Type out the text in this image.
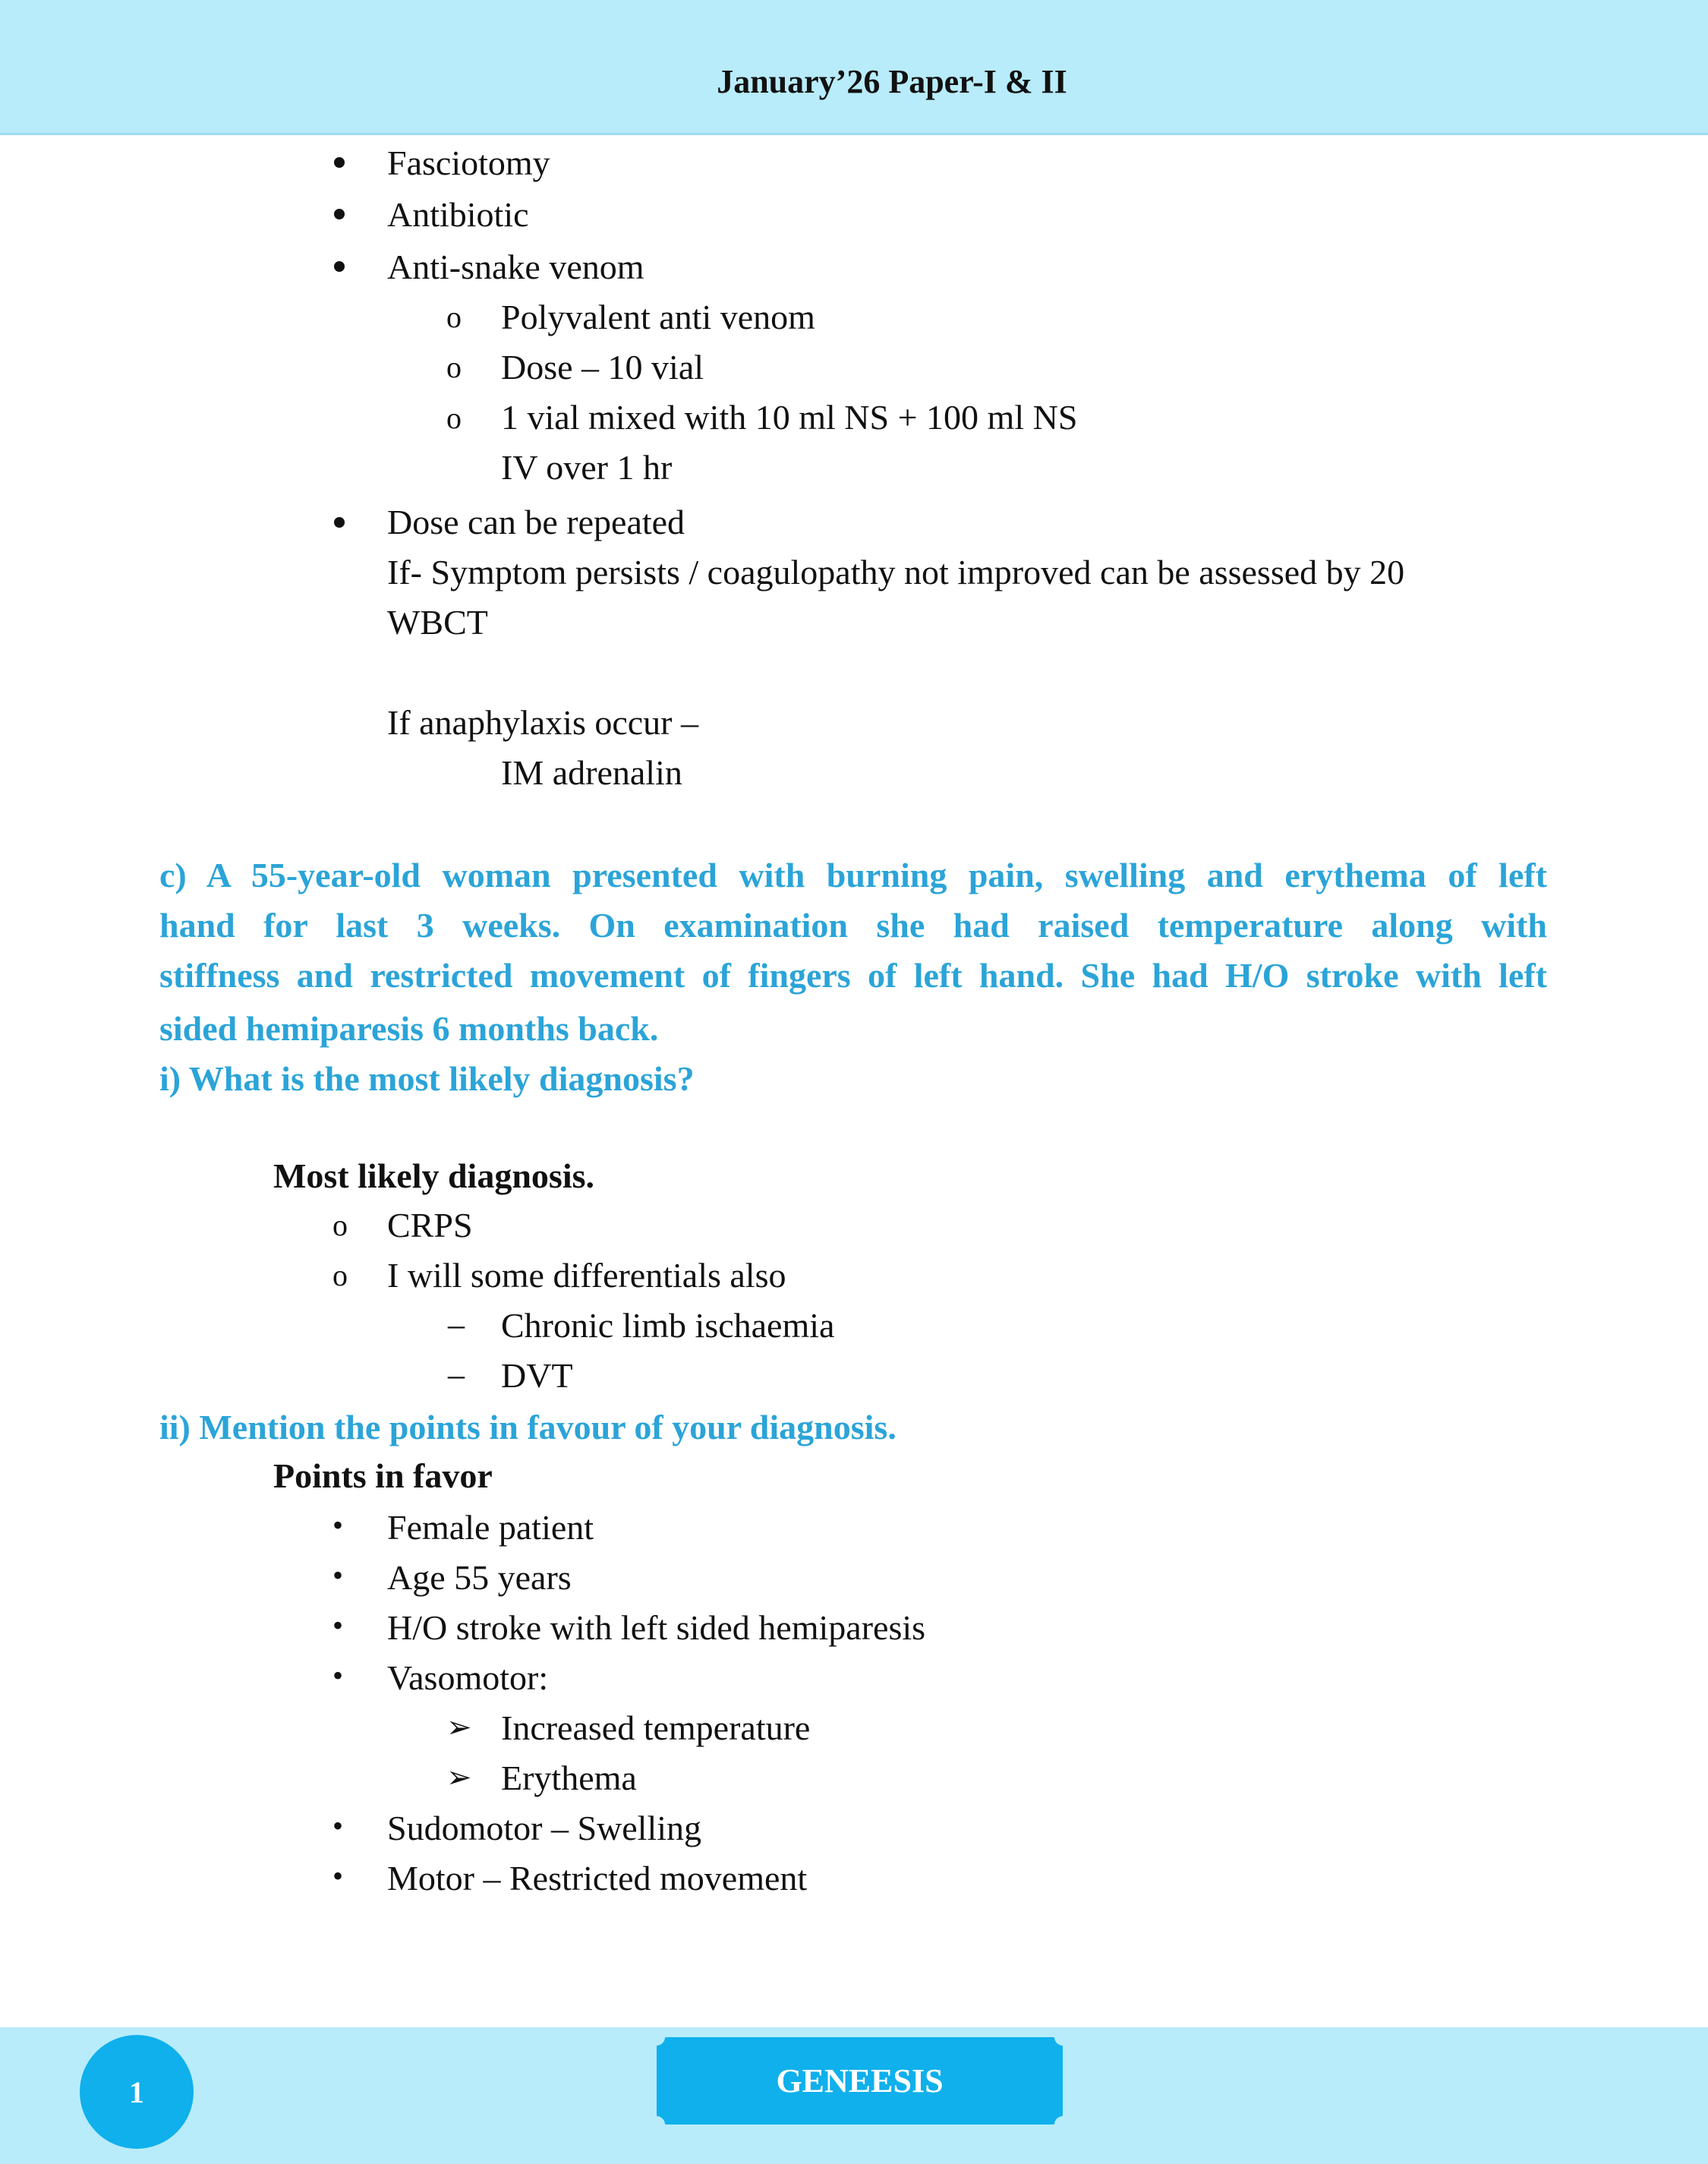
January’26 Paper-I & II
Fasciotomy
Antibiotic
Anti-snake venom
o Polyvalent anti venom
o Dose – 10 vial
o 1 vial mixed with 10 ml NS + 100 ml NS
IV over 1 hr
Dose can be repeated
If- Symptom persists / coagulopathy not improved can be assessed by 20
WBCT
If anaphylaxis occur –
IM adrenalin
c) A 55-year-old woman presented with burning pain, swelling and erythema of left
hand for last 3 weeks. On examination she had raised temperature along with
stiffness and restricted movement of fingers of left hand. She had H/O stroke with left
sided hemiparesis 6 months back.
i) What is the most likely diagnosis?
Most likely diagnosis.
o CRPS
o I will some differentials also
– Chronic limb ischaemia
– DVT
ii) Mention the points in favour of your diagnosis.
Points in favor
• Female patient
• Age 55 years
• H/O stroke with left sided hemiparesis
• Vasomotor:
➢ Increased temperature
➢ Erythema
• Sudomotor – Swelling
• Motor – Restricted movement
1	GENEESIS
